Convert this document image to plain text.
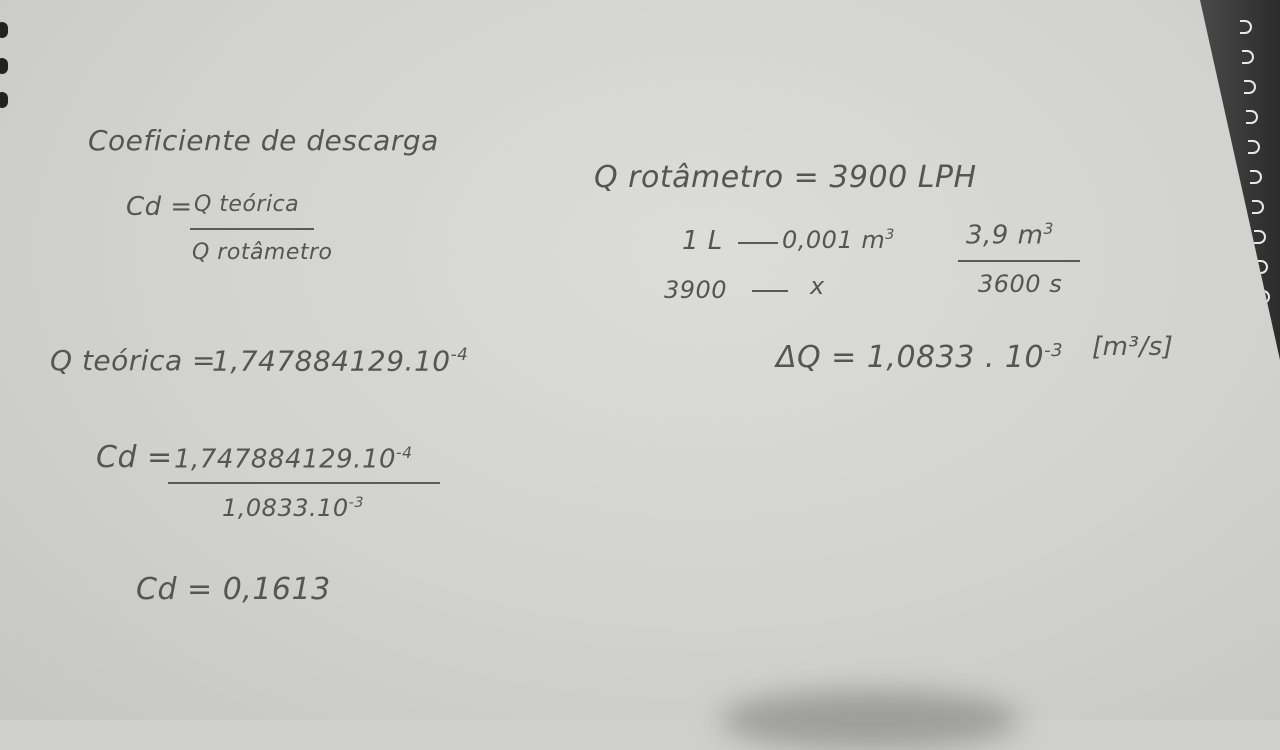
Coeficiente de descarga
Cd = Q teórica
Q rotâmetro
Q teórica =
$1,747884129.10^{-4}$
$Cd = 1,747884129.10^{-4}$
$1,0833.10^{-3}$
Cd = 0,1613
Q rotâmetro = 3900 LPH
1 L 0,001 $m^3$
3900	x
3,9 $m^3$
3600 s
ΔQ = 1,0833 . $10^{-3}$ [m³/s]
